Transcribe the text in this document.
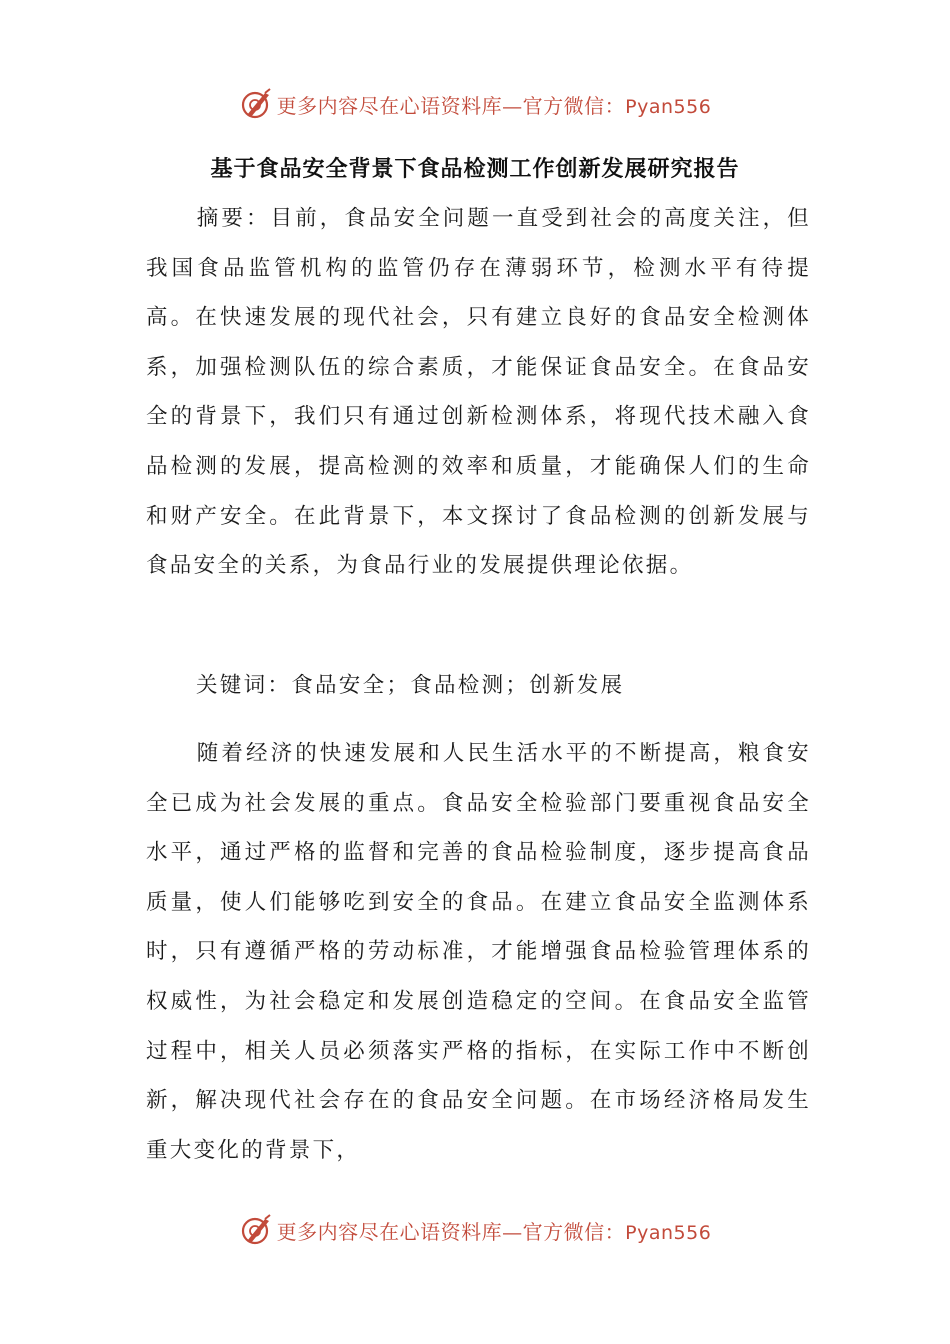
更多内容尽在心语资料库—官方微信：Pyan556
基于食品安全背景下食品检测工作创新发展研究报告

摘要：目前，食品安全问题一直受到社会的高度关注，但我国食品监管机构的监管仍存在薄弱环节，检测水平有待提高。在快速发展的现代社会，只有建立良好的食品安全检测体系，加强检测队伍的综合素质，才能保证食品安全。在食品安全的背景下，我们只有通过创新检测体系，将现代技术融入食品检测的发展，提高检测的效率和质量，才能确保人们的生命和财产安全。在此背景下，本文探讨了食品检测的创新发展与食品安全的关系，为食品行业的发展提供理论依据。

关键词：食品安全；食品检测；创新发展

随着经济的快速发展和人民生活水平的不断提高，粮食安全已成为社会发展的重点。食品安全检验部门要重视食品安全水平，通过严格的监督和完善的食品检验制度，逐步提高食品质量，使人们能够吃到安全的食品。在建立食品安全监测体系时，只有遵循严格的劳动标准，才能增强食品检验管理体系的权威性，为社会稳定和发展创造稳定的空间。在食品安全监管过程中，相关人员必须落实严格的指标，在实际工作中不断创新，解决现代社会存在的食品安全问题。在市场经济格局发生重大变化的背景下，

更多内容尽在心语资料库—官方微信：Pyan556
